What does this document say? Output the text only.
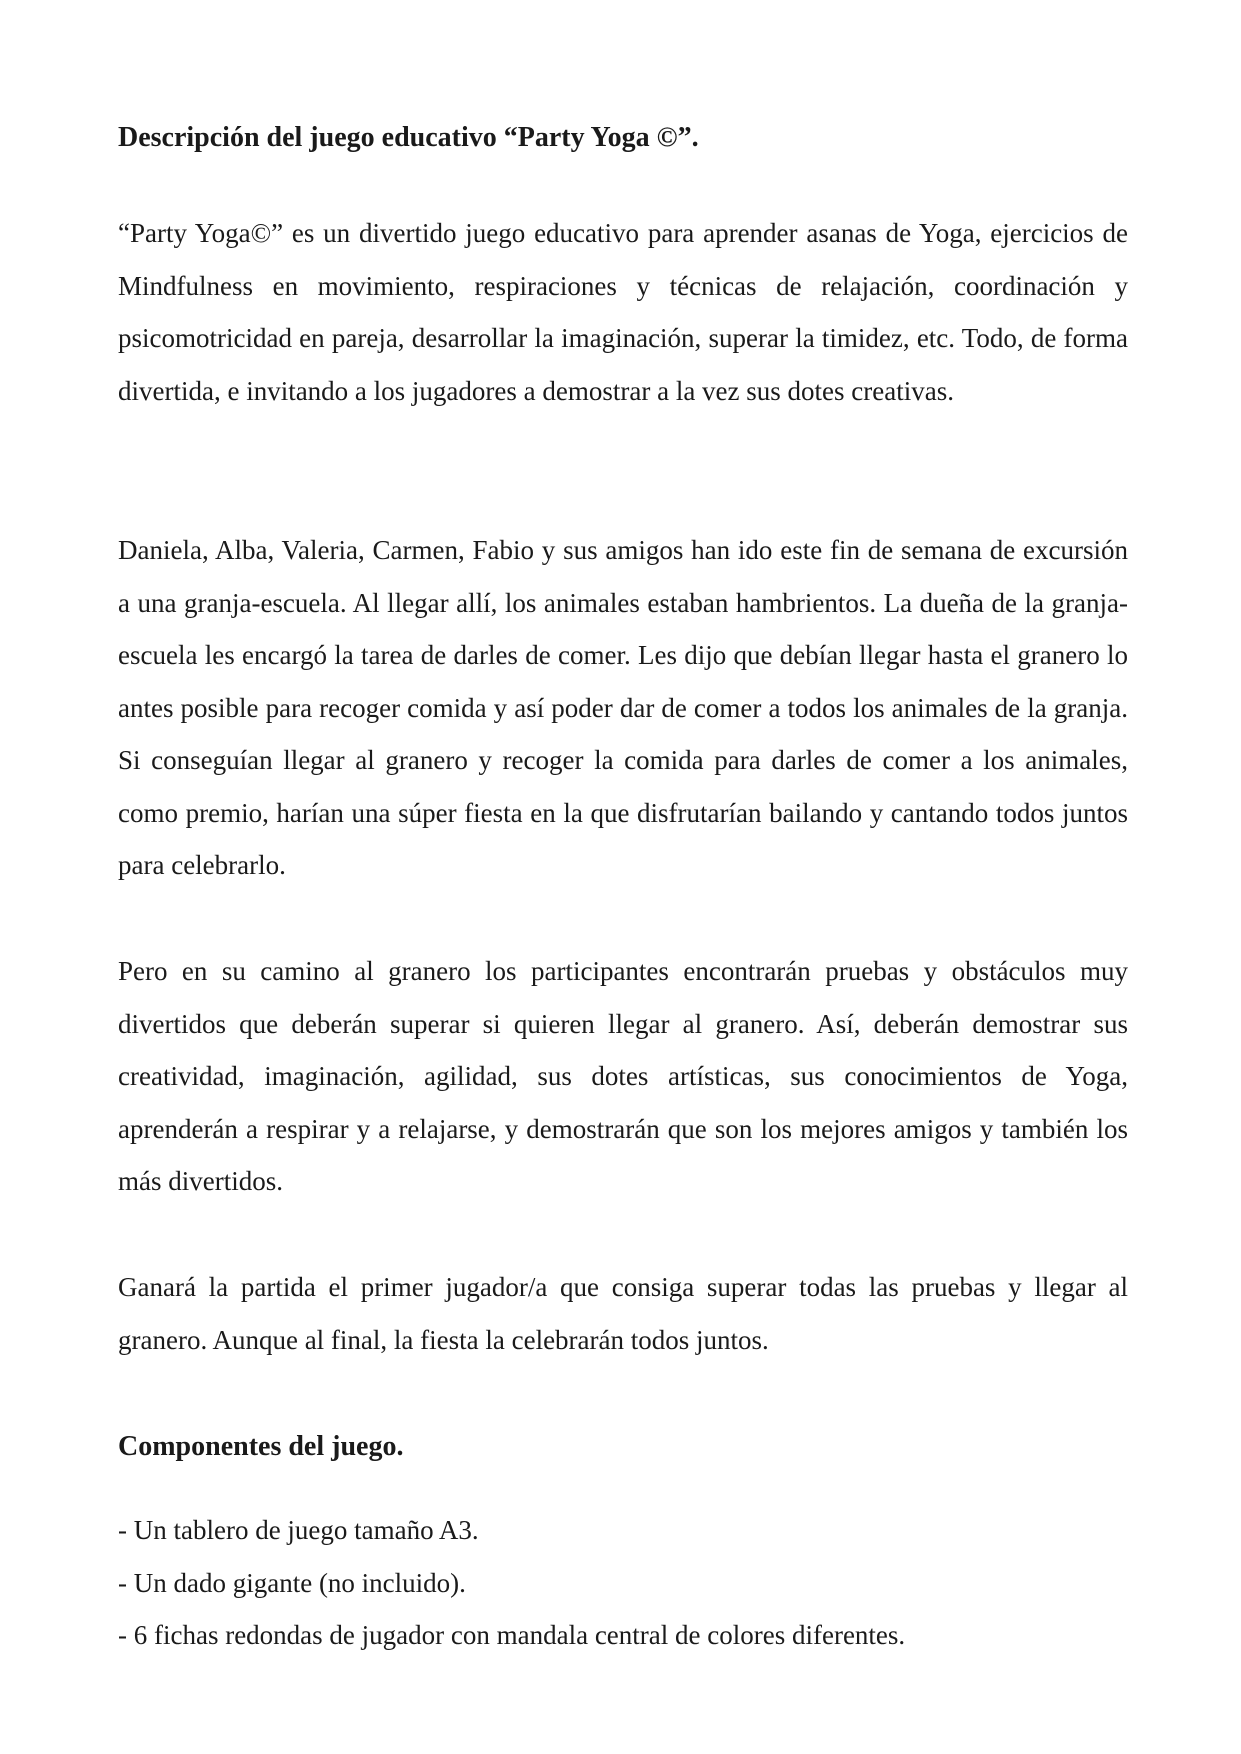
Descripción del juego educativo “Party Yoga ©”.

“Party Yoga©” es un divertido juego educativo para aprender asanas de Yoga, ejercicios de Mindfulness en movimiento, respiraciones y técnicas de relajación, coordinación y psicomotricidad en pareja, desarrollar la imaginación, superar la timidez, etc. Todo, de forma divertida, e invitando a los jugadores a demostrar a la vez sus dotes creativas.

Daniela, Alba, Valeria, Carmen, Fabio y sus amigos han ido este fin de semana de excursión a una granja-escuela. Al llegar allí, los animales estaban hambrientos. La dueña de la granja-escuela les encargó la tarea de darles de comer. Les dijo que debían llegar hasta el granero lo antes posible para recoger comida y así poder dar de comer a todos los animales de la granja. Si conseguían llegar al granero y recoger la comida para darles de comer a los animales, como premio, harían una súper fiesta en la que disfrutarían bailando y cantando todos juntos para celebrarlo.

Pero en su camino al granero los participantes encontrarán pruebas y obstáculos muy divertidos que deberán superar si quieren llegar al granero. Así, deberán demostrar sus creatividad, imaginación, agilidad, sus dotes artísticas, sus conocimientos de Yoga, aprenderán a respirar y a relajarse, y demostrarán que son los mejores amigos y también los más divertidos.

Ganará la partida el primer jugador/a que consiga superar todas las pruebas y llegar al granero. Aunque al final, la fiesta la celebrarán todos juntos.

Componentes del juego.
- Un tablero de juego tamaño A3.
- Un dado gigante (no incluido).
- 6 fichas redondas de jugador con mandala central de colores diferentes.
